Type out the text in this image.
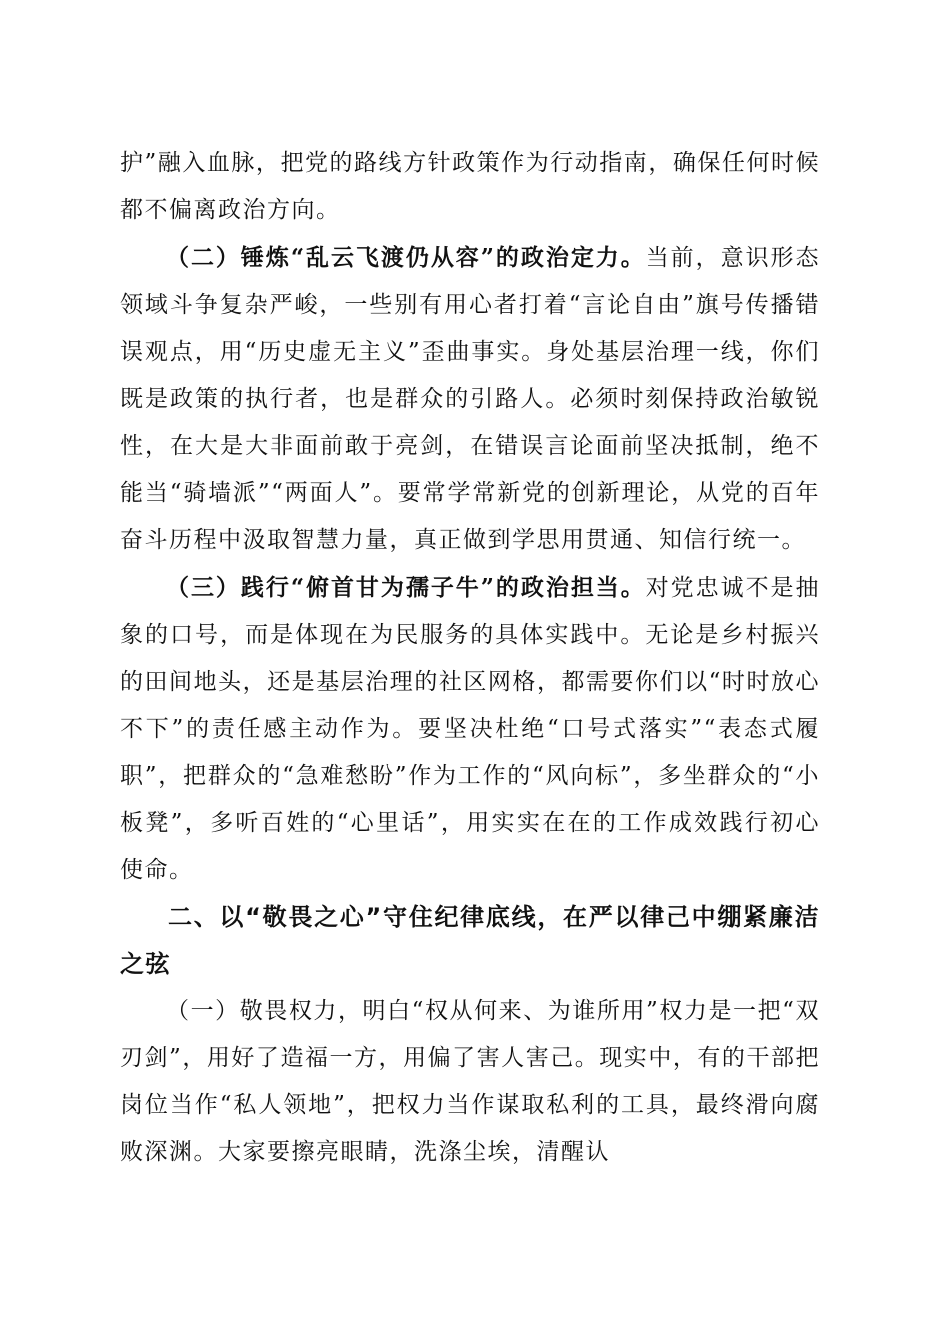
护”融入血脉，把党的路线方针政策作为行动指南，确保任何时候都不偏离政治方向。

（二）锤炼“乱云飞渡仍从容”的政治定力。当前，意识形态领域斗争复杂严峻，一些别有用心者打着“言论自由”旗号传播错误观点，用“历史虚无主义”歪曲事实。身处基层治理一线，你们既是政策的执行者，也是群众的引路人。必须时刻保持政治敏锐性，在大是大非面前敢于亮剑，在错误言论面前坚决抵制，绝不能当“骑墙派”“两面人”。要常学常新党的创新理论，从党的百年奋斗历程中汲取智慧力量，真正做到学思用贯通、知信行统一。

（三）践行“俯首甘为孺子牛”的政治担当。对党忠诚不是抽象的口号，而是体现在为民服务的具体实践中。无论是乡村振兴的田间地头，还是基层治理的社区网格，都需要你们以“时时放心不下”的责任感主动作为。要坚决杜绝“口号式落实”“表态式履职”，把群众的“急难愁盼”作为工作的“风向标”，多坐群众的“小板凳”，多听百姓的“心里话”，用实实在在的工作成效践行初心使命。

二、以“敬畏之心”守住纪律底线，在严以律己中绷紧廉洁之弦

（一）敬畏权力，明白“权从何来、为谁所用”权力是一把“双刃剑”，用好了造福一方，用偏了害人害己。现实中，有的干部把岗位当作“私人领地”，把权力当作谋取私利的工具，最终滑向腐败深渊。大家要擦亮眼睛，洗涤尘埃，清醒认
